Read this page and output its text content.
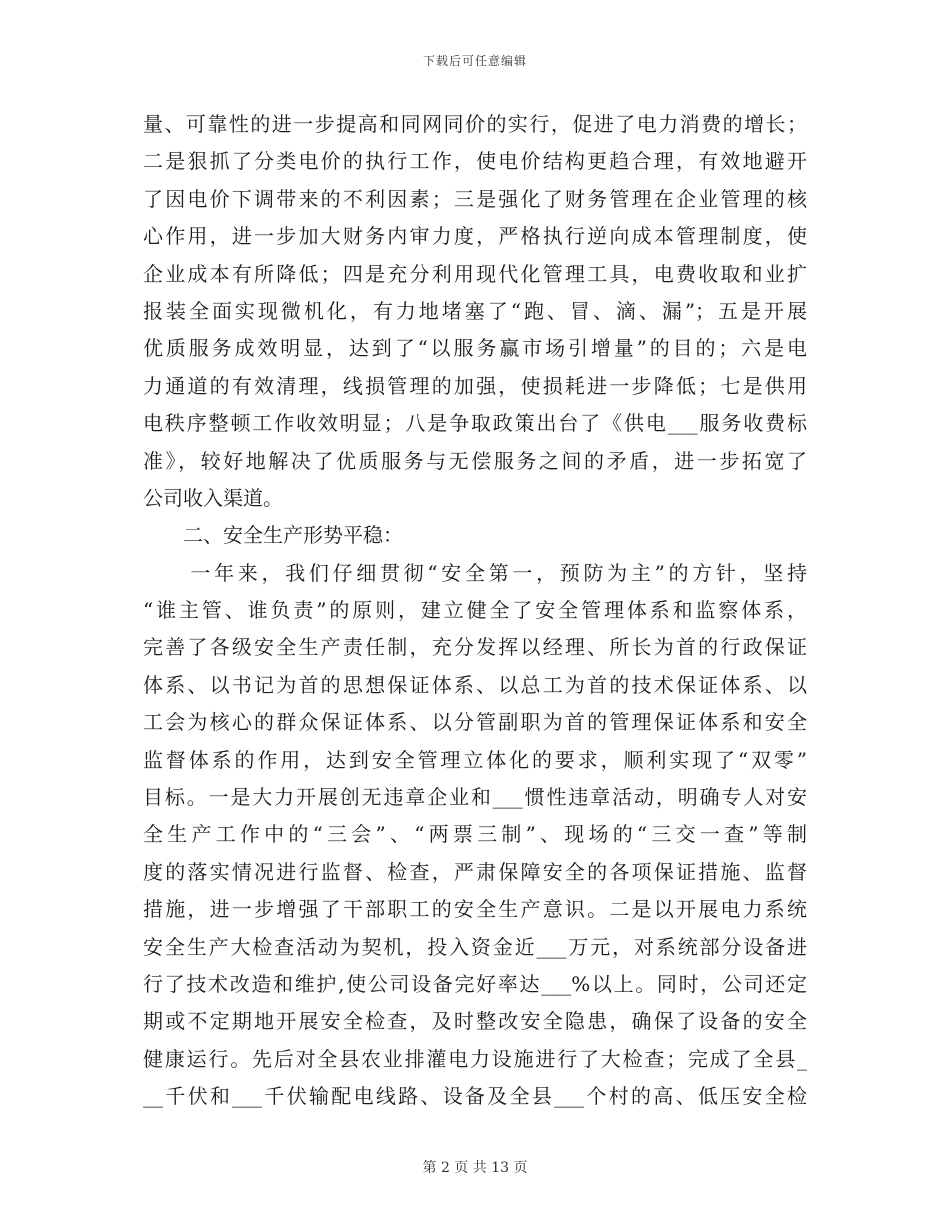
下载后可任意编辑
量、可靠性的进一步提高和同网同价的实行，促进了电力消费的增长；
二是狠抓了分类电价的执行工作，使电价结构更趋合理，有效地避开
了因电价下调带来的不利因素；三是强化了财务管理在企业管理的核
心作用，进一步加大财务内审力度，严格执行逆向成本管理制度，使
企业成本有所降低；四是充分利用现代化管理工具，电费收取和业扩
报装全面实现微机化，有力地堵塞了“跑、冒、滴、漏”；五是开展
优质服务成效明显，达到了“以服务赢市场引增量”的目的；六是电
力通道的有效清理，线损管理的加强，使损耗进一步降低；七是供用
电秩序整顿工作收效明显；八是争取政策出台了《供电___服务收费标
准》，较好地解决了优质服务与无偿服务之间的矛盾，进一步拓宽了
公司收入渠道。
　　二、安全生产形势平稳：
　　一年来，我们仔细贯彻“安全第一，预防为主”的方针，坚持
“谁主管、谁负责”的原则，建立健全了安全管理体系和监察体系，
完善了各级安全生产责任制，充分发挥以经理、所长为首的行政保证
体系、以书记为首的思想保证体系、以总工为首的技术保证体系、以
工会为核心的群众保证体系、以分管副职为首的管理保证体系和安全
监督体系的作用，达到安全管理立体化的要求，顺利实现了“双零”
目标。一是大力开展创无违章企业和___惯性违章活动，明确专人对安
全生产工作中的“三会”、“两票三制”、现场的“三交一查”等制
度的落实情况进行监督、检查，严肃保障安全的各项保证措施、监督
措施，进一步增强了干部职工的安全生产意识。二是以开展电力系统
安全生产大检查活动为契机，投入资金近___万元，对系统部分设备进
行了技术改造和维护,使公司设备完好率达___%以上。同时，公司还定
期或不定期地开展安全检查，及时整改安全隐患，确保了设备的安全
健康运行。先后对全县农业排灌电力设施进行了大检查；完成了全县_
__千伏和___千伏输配电线路、设备及全县___个村的高、低压安全检
第 2 页 共 13 页
